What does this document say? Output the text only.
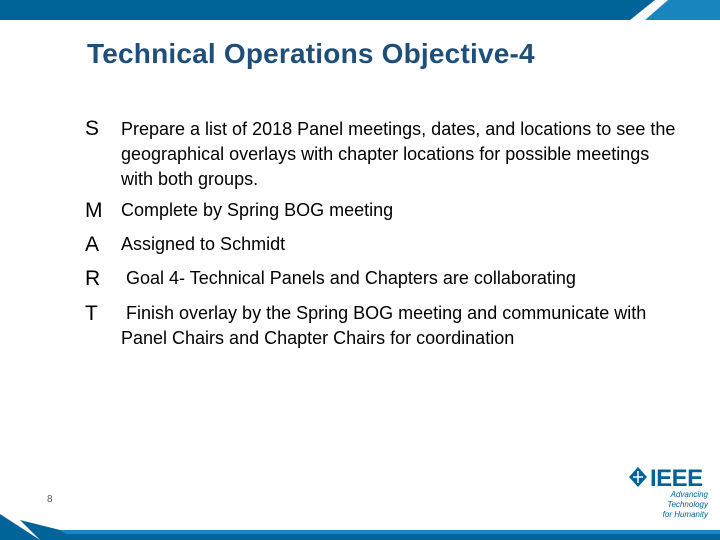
Technical Operations Objective-4
S	Prepare a list of 2018 Panel meetings, dates, and locations to see the geographical overlays with chapter locations for possible meetings with both groups.
M	Complete by Spring BOG meeting
A	Assigned to Schmidt
R	Goal 4- Technical Panels and Chapters are collaborating
T	Finish overlay by the Spring BOG meeting and communicate with Panel Chairs and Chapter Chairs for coordination
8
IEEE
Advancing Technology
for Humanity
